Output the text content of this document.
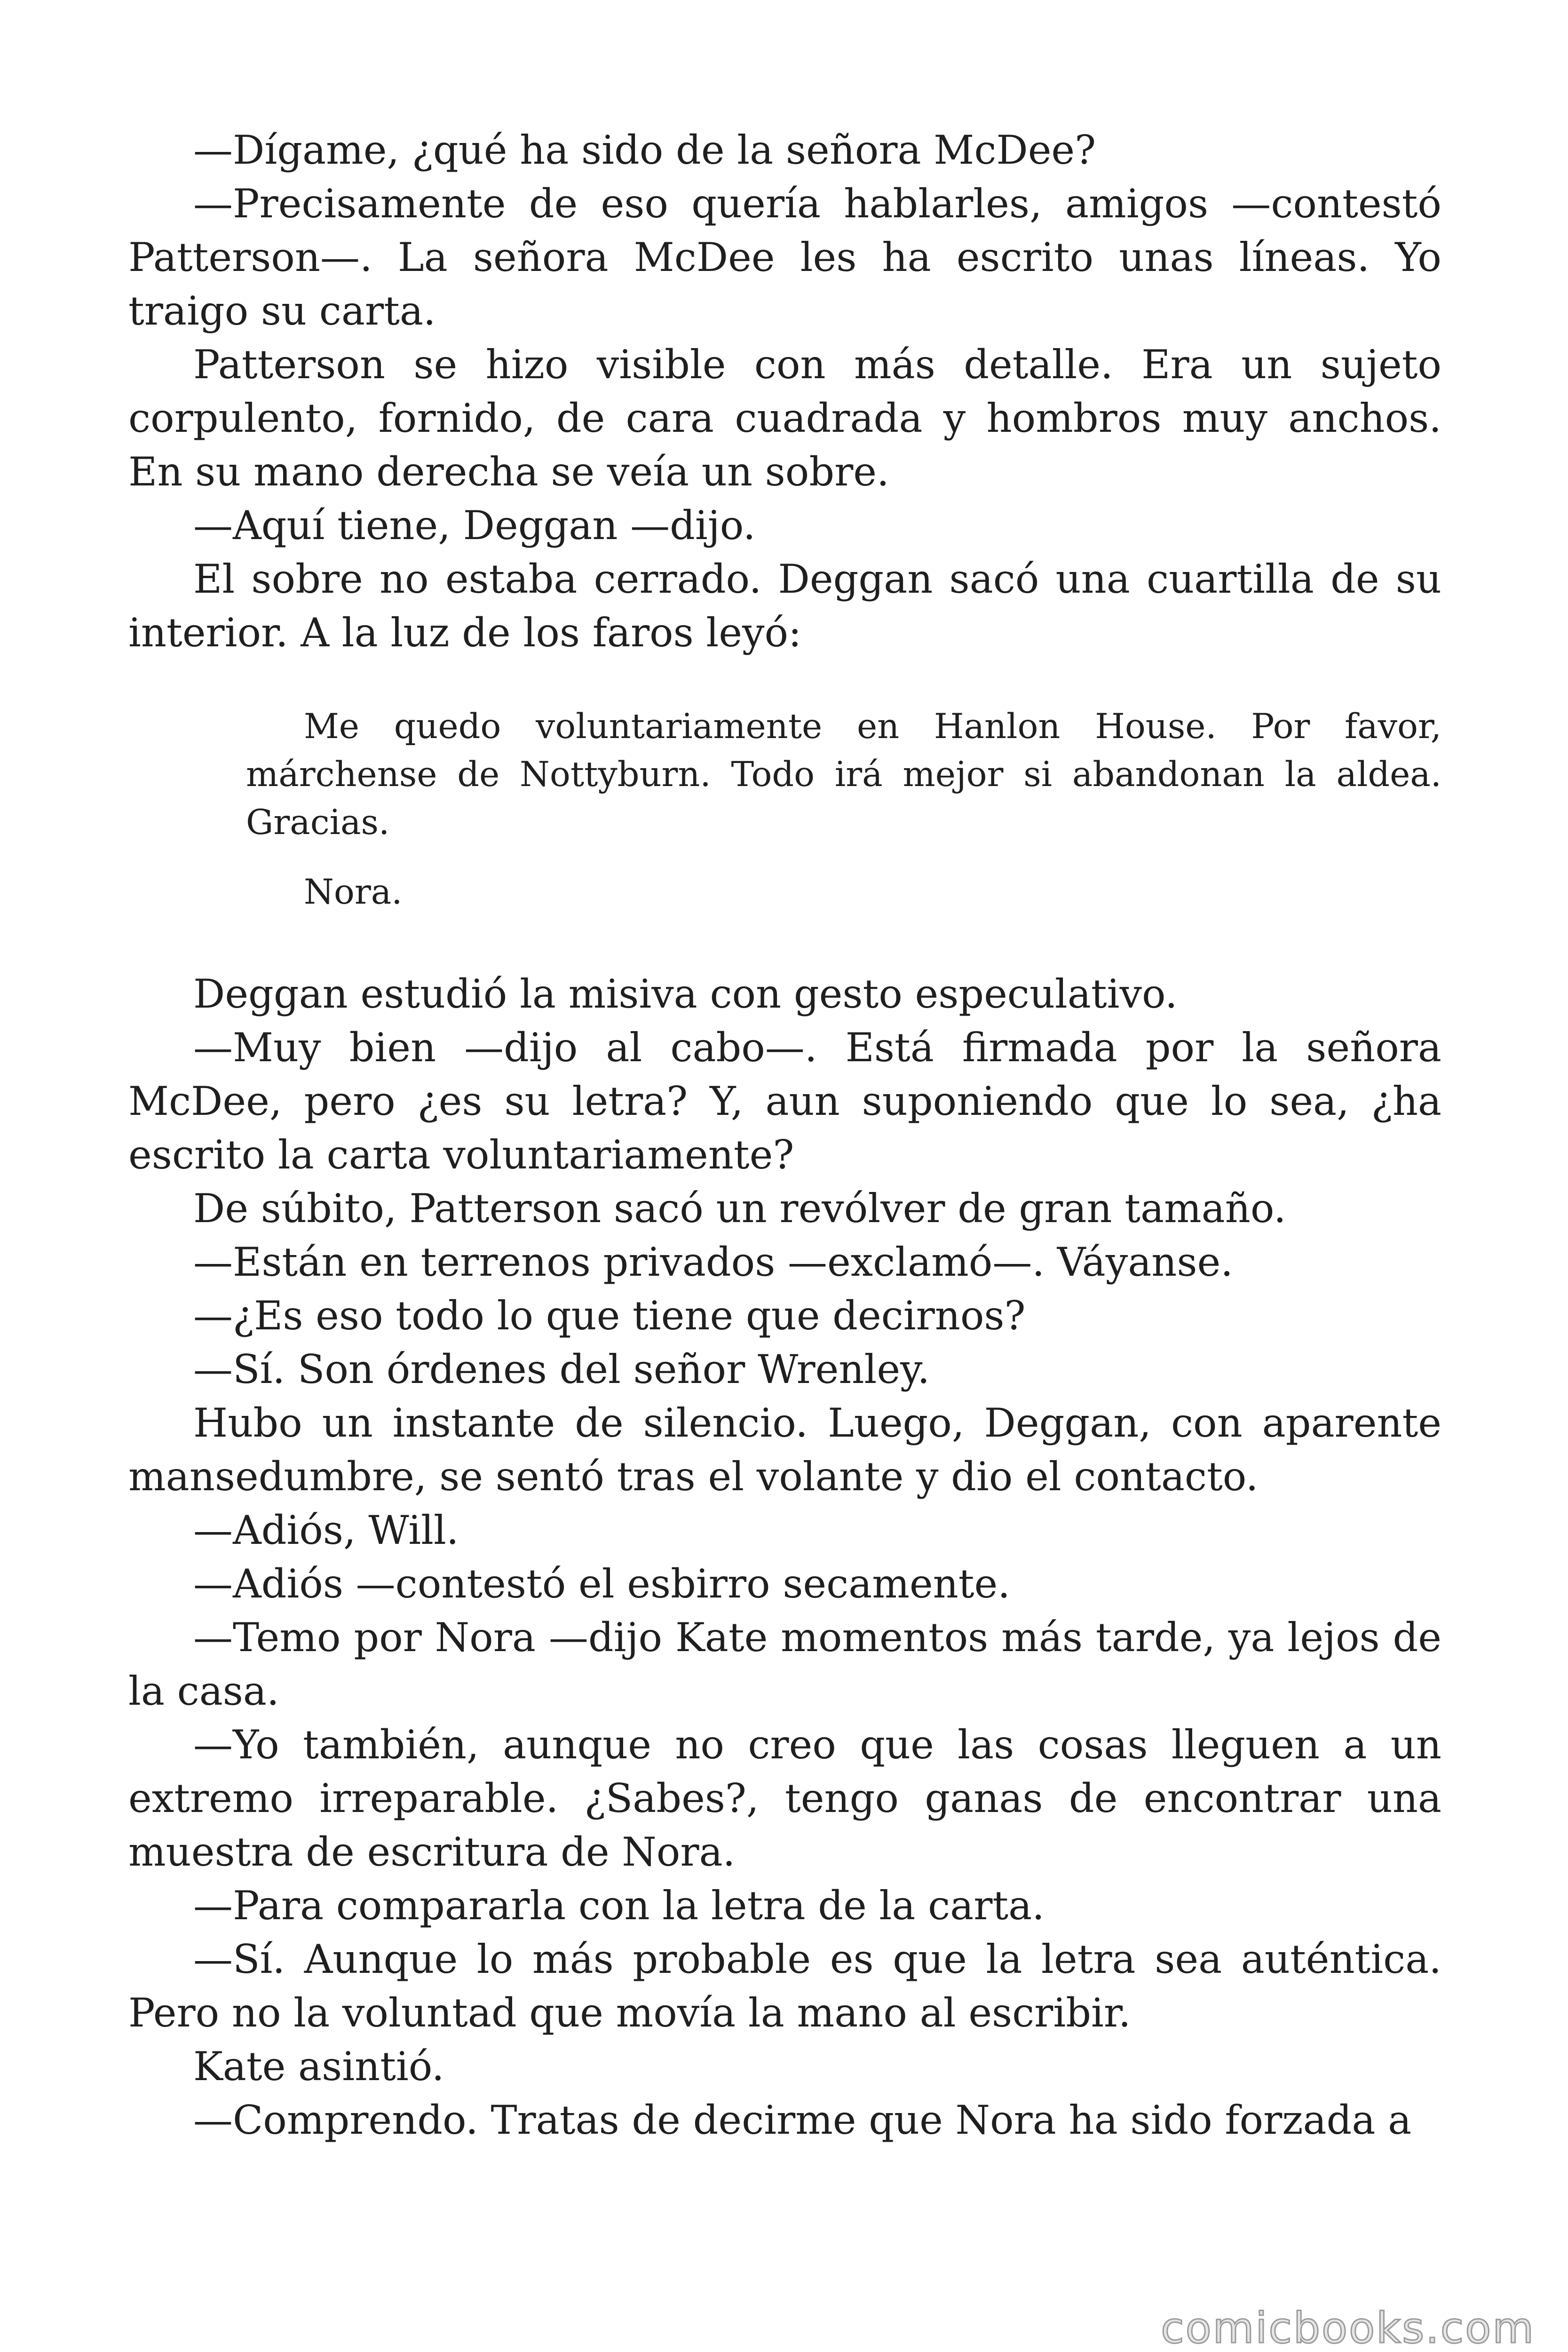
—Dígame, ¿qué ha sido de la señora McDee?

—Precisamente de eso quería hablarles, amigos —contestó Patterson—. La señora McDee les ha escrito unas líneas. Yo traigo su carta.

Patterson se hizo visible con más detalle. Era un sujeto corpulento, fornido, de cara cuadrada y hombros muy anchos. En su mano derecha se veía un sobre.

—Aquí tiene, Deggan —dijo.

El sobre no estaba cerrado. Deggan sacó una cuartilla de su interior. A la luz de los faros leyó:

Me quedo voluntariamente en Hanlon House. Por favor, márchense de Nottyburn. Todo irá mejor si abandonan la aldea. Gracias.

Nora.

Deggan estudió la misiva con gesto especulativo.

—Muy bien —dijo al cabo—. Está firmada por la señora McDee, pero ¿es su letra? Y, aun suponiendo que lo sea, ¿ha escrito la carta voluntariamente?

De súbito, Patterson sacó un revólver de gran tamaño.

—Están en terrenos privados —exclamó—. Váyanse.

—¿Es eso todo lo que tiene que decirnos?

—Sí. Son órdenes del señor Wrenley.

Hubo un instante de silencio. Luego, Deggan, con aparente mansedumbre, se sentó tras el volante y dio el contacto.

—Adiós, Will.

—Adiós —contestó el esbirro secamente.

—Temo por Nora —dijo Kate momentos más tarde, ya lejos de la casa.

—Yo también, aunque no creo que las cosas lleguen a un extremo irreparable. ¿Sabes?, tengo ganas de encontrar una muestra de escritura de Nora.

—Para compararla con la letra de la carta.

—Sí. Aunque lo más probable es que la letra sea auténtica. Pero no la voluntad que movía la mano al escribir.

Kate asintió.

—Comprendo. Tratas de decirme que Nora ha sido forzada a

comicbooks.com
